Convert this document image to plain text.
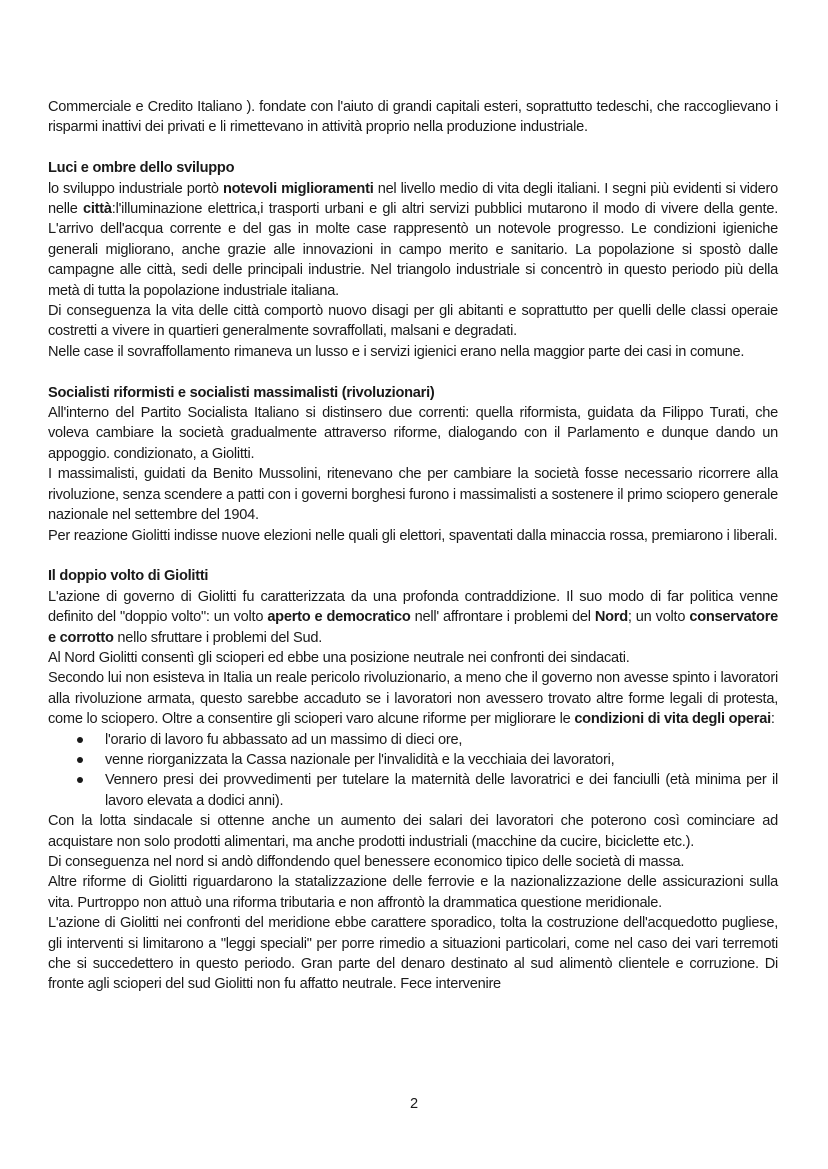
Commerciale e Credito Italiano ). fondate con l'aiuto di grandi capitali esteri, soprattutto tedeschi, che raccoglievano i risparmi inattivi dei privati e li rimettevano in attività proprio nella produzione industriale.

Luci e ombre dello sviluppo

lo sviluppo industriale portò notevoli miglioramenti nel livello medio di vita degli italiani. I segni più evidenti si videro nelle città:l'illuminazione elettrica,i trasporti urbani e gli altri servizi pubblici mutarono il modo di vivere della gente. L'arrivo dell'acqua corrente e del gas in molte case rappresentò un notevole progresso. Le condizioni igieniche generali migliorano, anche grazie alle innovazioni in campo merito e sanitario. La popolazione si spostò dalle campagne alle città, sedi delle principali industrie. Nel triangolo industriale si concentrò in questo periodo più della metà di tutta la popolazione industriale italiana.

Di conseguenza la vita delle città comportò nuovo disagi per gli abitanti e soprattutto per quelli delle classi operaie costretti a vivere in quartieri generalmente sovraffollati, malsani e degradati.

Nelle case il sovraffollamento rimaneva un lusso e i servizi igienici erano nella maggior parte dei casi in comune.

Socialisti riformisti e socialisti massimalisti (rivoluzionari)

All'interno del Partito Socialista Italiano si distinsero due correnti: quella riformista, guidata da Filippo Turati, che voleva cambiare la società gradualmente attraverso riforme, dialogando con il Parlamento e dunque dando un appoggio. condizionato, a Giolitti.

I massimalisti, guidati da Benito Mussolini, ritenevano che per cambiare la società fosse necessario ricorrere alla rivoluzione, senza scendere a patti con i governi borghesi furono i massimalisti a sostenere il primo sciopero generale nazionale nel settembre del 1904.

Per reazione Giolitti indisse nuove elezioni nelle quali gli elettori, spaventati dalla minaccia rossa, premiarono i liberali.

Il doppio volto di Giolitti

L'azione di governo di Giolitti fu caratterizzata da una profonda contraddizione. Il suo modo di far politica venne definito del "doppio volto": un volto aperto e democratico nell' affrontare i problemi del Nord; un volto conservatore e corrotto nello sfruttare i problemi del Sud.

Al Nord Giolitti consentì gli scioperi ed ebbe una posizione neutrale nei confronti dei sindacati.

Secondo lui non esisteva in Italia un reale pericolo rivoluzionario, a meno che il governo non avesse spinto i lavoratori alla rivoluzione armata, questo sarebbe accaduto se i lavoratori non avessero trovato altre forme legali di protesta, come lo sciopero. Oltre a consentire gli scioperi varo alcune riforme per migliorare le condizioni di vita degli operai:

l'orario di lavoro fu abbassato ad un massimo di dieci ore,
venne riorganizzata la Cassa nazionale per l'invalidità e la vecchiaia dei lavoratori,
Vennero presi dei provvedimenti per tutelare la maternità delle lavoratrici e dei fanciulli (età minima per il lavoro elevata a dodici anni).

Con la lotta sindacale si ottenne anche un aumento dei salari dei lavoratori che poterono così cominciare ad acquistare non solo prodotti alimentari, ma anche prodotti industriali (macchine da cucire, biciclette etc.).

Di conseguenza nel nord si andò diffondendo quel benessere economico tipico delle società di massa.

Altre riforme di Giolitti riguardarono la statalizzazione delle ferrovie e la nazionalizzazione delle assicurazioni sulla vita. Purtroppo non attuò una riforma tributaria e non affrontò la drammatica questione meridionale.

L'azione di Giolitti nei confronti del meridione ebbe carattere sporadico, tolta la costruzione dell'acquedotto pugliese, gli interventi si limitarono a "leggi speciali" per porre rimedio a situazioni particolari, come nel caso dei vari terremoti che si succedettero in questo periodo. Gran parte del denaro destinato al sud alimentò clientele e corruzione. Di fronte agli scioperi del sud Giolitti non fu affatto neutrale. Fece intervenire

2
